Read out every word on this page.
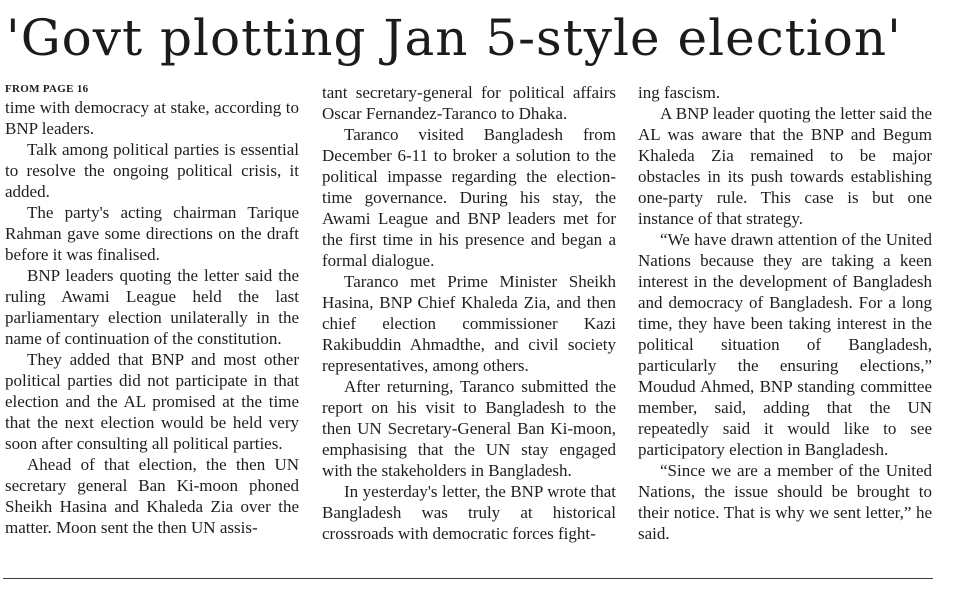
'Govt plotting Jan 5-style election'
FROM PAGE 16

time with democracy at stake, according to BNP leaders.

Talk among political parties is essential to resolve the ongoing political crisis, it added.

The party's acting chairman Tarique Rahman gave some directions on the draft before it was finalised.

BNP leaders quoting the letter said the ruling Awami League held the last parliamentary election unilaterally in the name of continuation of the constitution.

They added that BNP and most other political parties did not participate in that election and the AL promised at the time that the next election would be held very soon after consulting all political parties.

Ahead of that election, the then UN secretary general Ban Ki-moon phoned Sheikh Hasina and Khaleda Zia over the matter. Moon sent the then UN assis-

tant secretary-general for political affairs Oscar Fernandez-Taranco to Dhaka.

Taranco visited Bangladesh from December 6-11 to broker a solution to the political impasse regarding the election-time governance. During his stay, the Awami League and BNP leaders met for the first time in his presence and began a formal dialogue.

Taranco met Prime Minister Sheikh Hasina, BNP Chief Khaleda Zia, and then chief election commissioner Kazi Rakibuddin Ahmadthe, and civil society representatives, among others.

After returning, Taranco submitted the report on his visit to Bangladesh to the then UN Secretary-General Ban Ki-moon, emphasising that the UN stay engaged with the stakeholders in Bangladesh.

In yesterday's letter, the BNP wrote that Bangladesh was truly at historical crossroads with democratic forces fight-

ing fascism.

A BNP leader quoting the letter said the AL was aware that the BNP and Begum Khaleda Zia remained to be major obstacles in its push towards establishing one-party rule. This case is but one instance of that strategy.

“We have drawn attention of the United Nations because they are taking a keen interest in the development of Bangladesh and democracy of Bangladesh. For a long time, they have been taking interest in the political situation of Bangladesh, particularly the ensuring elections,” Moudud Ahmed, BNP standing committee member, said, adding that the UN repeatedly said it would like to see participatory election in Bangladesh.

“Since we are a member of the United Nations, the issue should be brought to their notice. That is why we sent letter,” he said.
